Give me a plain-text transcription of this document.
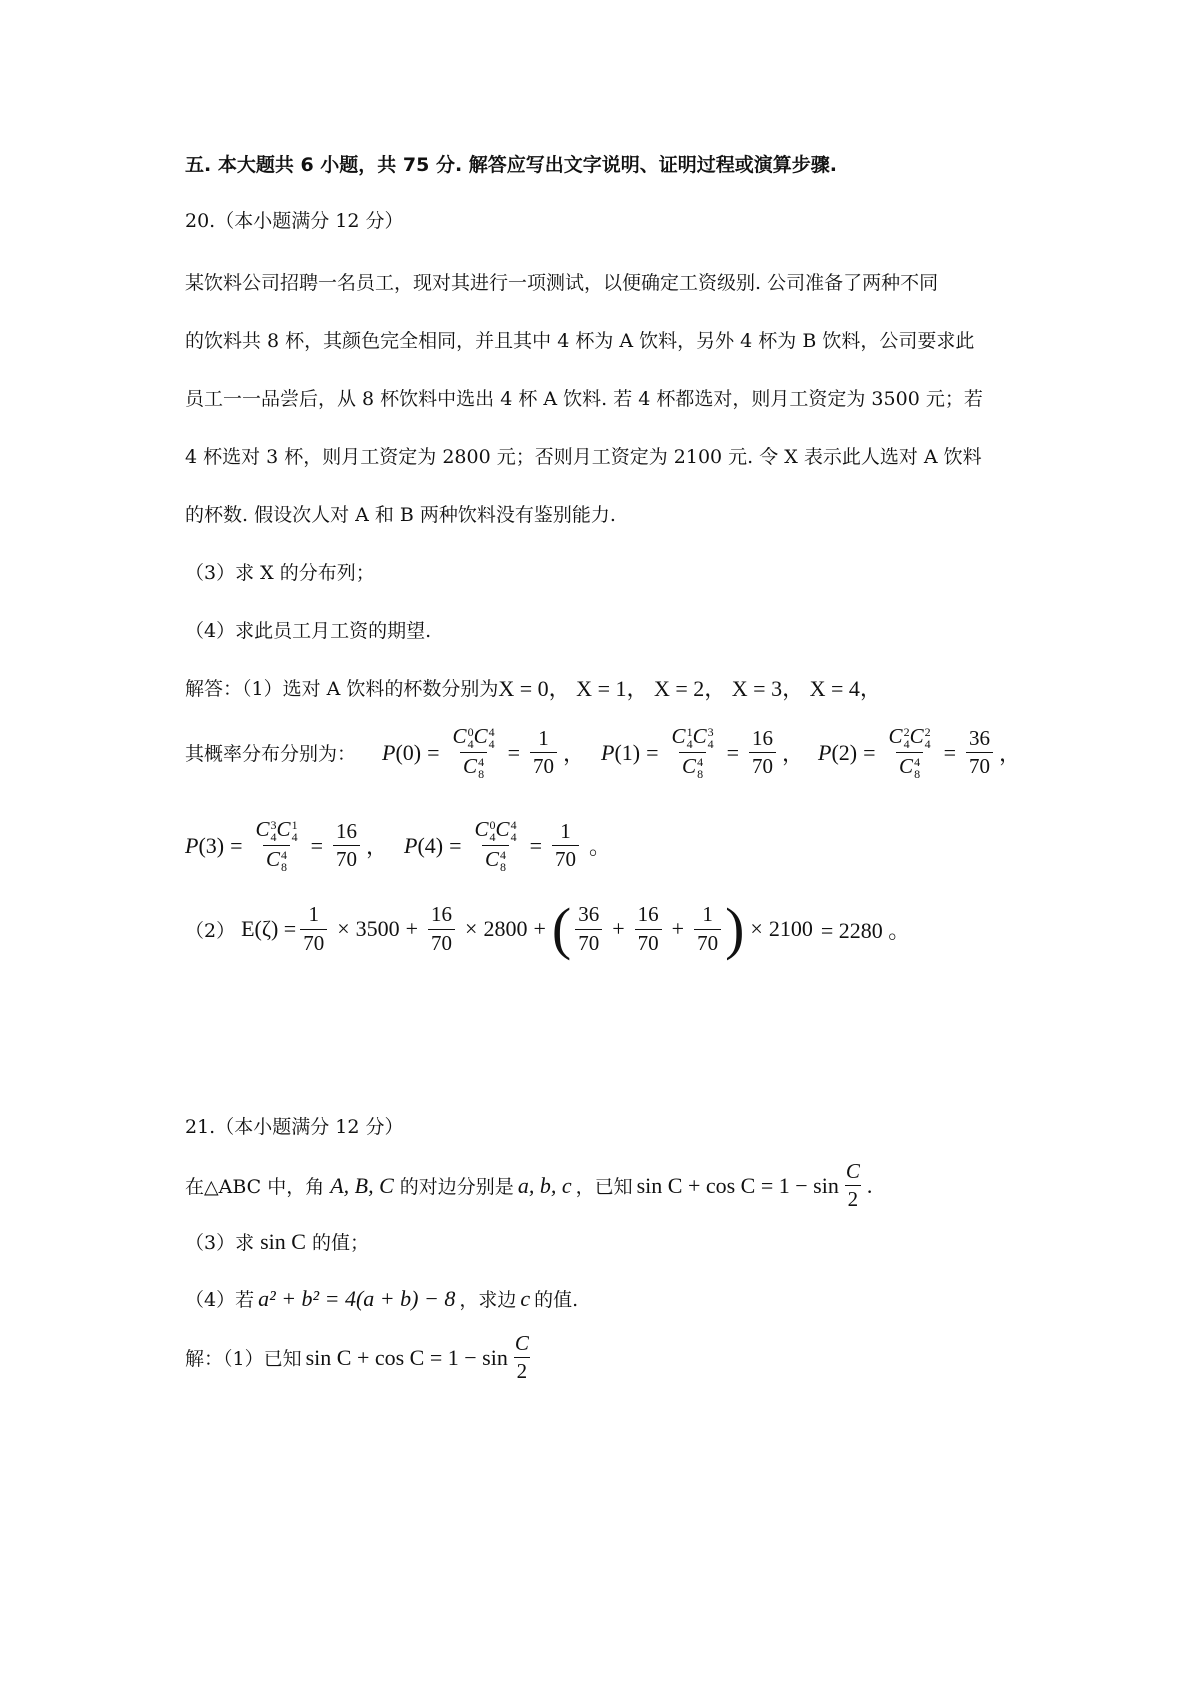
五. 本大题共 6 小题，共 75 分. 解答应写出文字说明、证明过程或演算步骤.
20.（本小题满分 12 分）
某饮料公司招聘一名员工，现对其进行一项测试，以便确定工资级别. 公司准备了两种不同
的饮料共 8 杯，其颜色完全相同，并且其中 4 杯为 A 饮料，另外 4 杯为 B 饮料，公司要求此
员工一一品尝后，从 8 杯饮料中选出 4 杯 A 饮料. 若 4 杯都选对，则月工资定为 3500 元；若
4 杯选对 3 杯，则月工资定为 2800 元；否则月工资定为 2100 元. 令 X 表示此人选对 A 饮料
的杯数. 假设次人对 A 和 B 两种饮料没有鉴别能力.
（3）求 X 的分布列；
（4）求此员工月工资的期望.
解答：（1）选对 A 饮料的杯数分别为 X = 0， X = 1， X = 2， X = 3， X = 4，
其概率分布分别为： P (0) = C 0
4 C 4
4
C 4
$8 = \frac{1}{70}$ ， P (1) = C 1
4 C 3
4
C 4
$8 = \frac{16}{70}$ ， P (2) = C 2
4 C 2
4
C 4
$8 = \frac{36}{70}$ ，
P (3) = C 3
4 C 1
4
C 4
$8 = \frac{16}{70}$ ， P (4) = C 0
4 C 4
4
C 4
$8 = \frac{1}{70}$ 。
（2） $E(\zeta) = \frac{1}{70} \times 3500 + \frac{16}{70} \times 2800$ + ( $\frac{36}{70} + \frac{16}{70} + \frac{1}{70}$ ) × 2100 = 2280 。
21.（本小题满分 12 分）
在△ABC 中，角 A, B, C 的对边分别是 a, b, c ，已知 $\sin C + \cos C = 1 - \sin \frac{C}{2}$ .
（3）求 sin C 的值；
（4）若 a² + b² = 4(a + b) − 8 ，求边 c 的值.
解：（1）已知 $\sin C + \cos C = 1 - \sin \frac{C}{2}$
